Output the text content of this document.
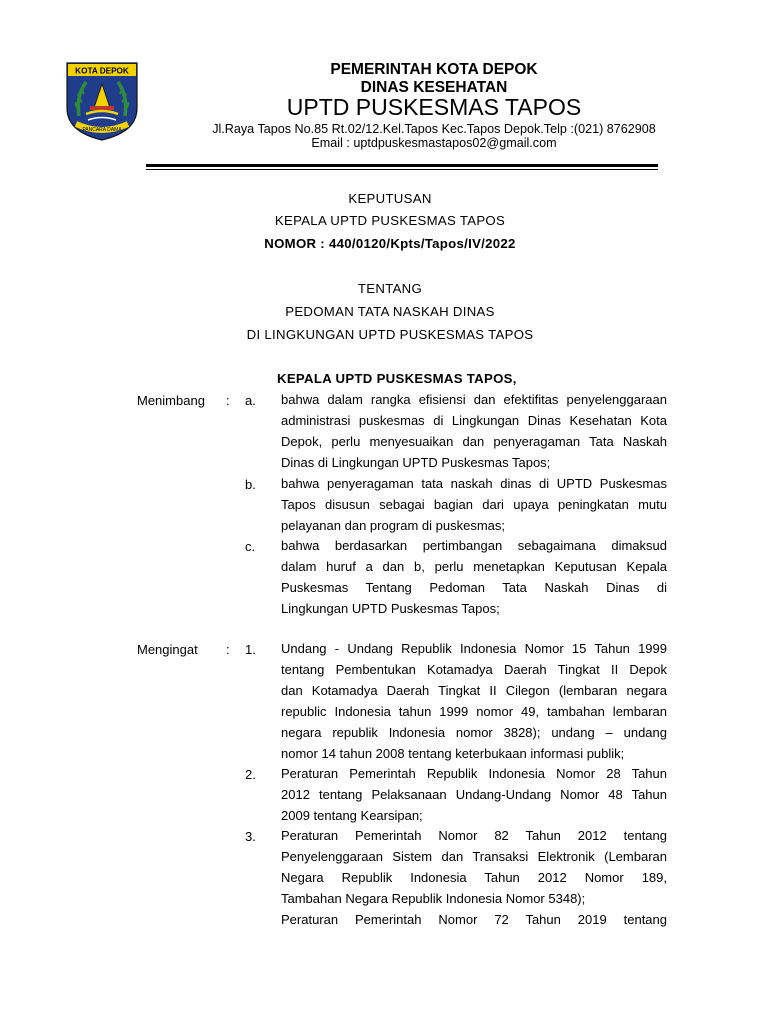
KOTA DEPOK
PANCARA DAMA
PEMERINTAH KOTA DEPOK
DINAS KESEHATAN
UPTD PUSKESMAS TAPOS
Jl.Raya Tapos No.85 Rt.02/12.Kel.Tapos Kec.Tapos Depok.Telp :(021) 8762908
Email : uptdpuskesmastapos02@gmail.com
KEPUTUSAN
KEPALA UPTD PUSKESMAS TAPOS
NOMOR : 440/0120/Kpts/Tapos/IV/2022
TENTANG
PEDOMAN TATA NASKAH DINAS
DI LINGKUNGAN UPTD PUSKESMAS TAPOS
KEPALA UPTD PUSKESMAS TAPOS,
Menimbang : a. bahwa dalam rangka efisiensi dan efektifitas penyelenggaraan
administrasi puskesmas di Lingkungan Dinas Kesehatan Kota
Depok, perlu menyesuaikan dan penyeragaman Tata Naskah
Dinas di Lingkungan UPTD Puskesmas Tapos;
b. bahwa penyeragaman tata naskah dinas di UPTD Puskesmas
Tapos disusun sebagai bagian dari upaya peningkatan mutu
pelayanan dan program di puskesmas;
c. bahwa berdasarkan pertimbangan sebagaimana dimaksud
dalam huruf a dan b, perlu menetapkan Keputusan Kepala
Puskesmas Tentang Pedoman Tata Naskah Dinas di
Lingkungan UPTD Puskesmas Tapos;
Mengingat : 1. Undang - Undang Republik Indonesia Nomor 15 Tahun 1999
tentang Pembentukan Kotamadya Daerah Tingkat II Depok
dan Kotamadya Daerah Tingkat II Cilegon (lembaran negara
republic Indonesia tahun 1999 nomor 49, tambahan lembaran
negara republik Indonesia nomor 3828); undang – undang
nomor 14 tahun 2008 tentang keterbukaan informasi publik;
2. Peraturan Pemerintah Republik Indonesia Nomor 28 Tahun
2012 tentang Pelaksanaan Undang-Undang Nomor 48 Tahun
2009 tentang Kearsipan;
3. Peraturan Pemerintah Nomor 82 Tahun 2012 tentang
Penyelenggaraan Sistem dan Transaksi Elektronik (Lembaran
Negara Republik Indonesia Tahun 2012 Nomor 189,
Tambahan Negara Republik Indonesia Nomor 5348);
Peraturan Pemerintah Nomor 72 Tahun 2019 tentang
